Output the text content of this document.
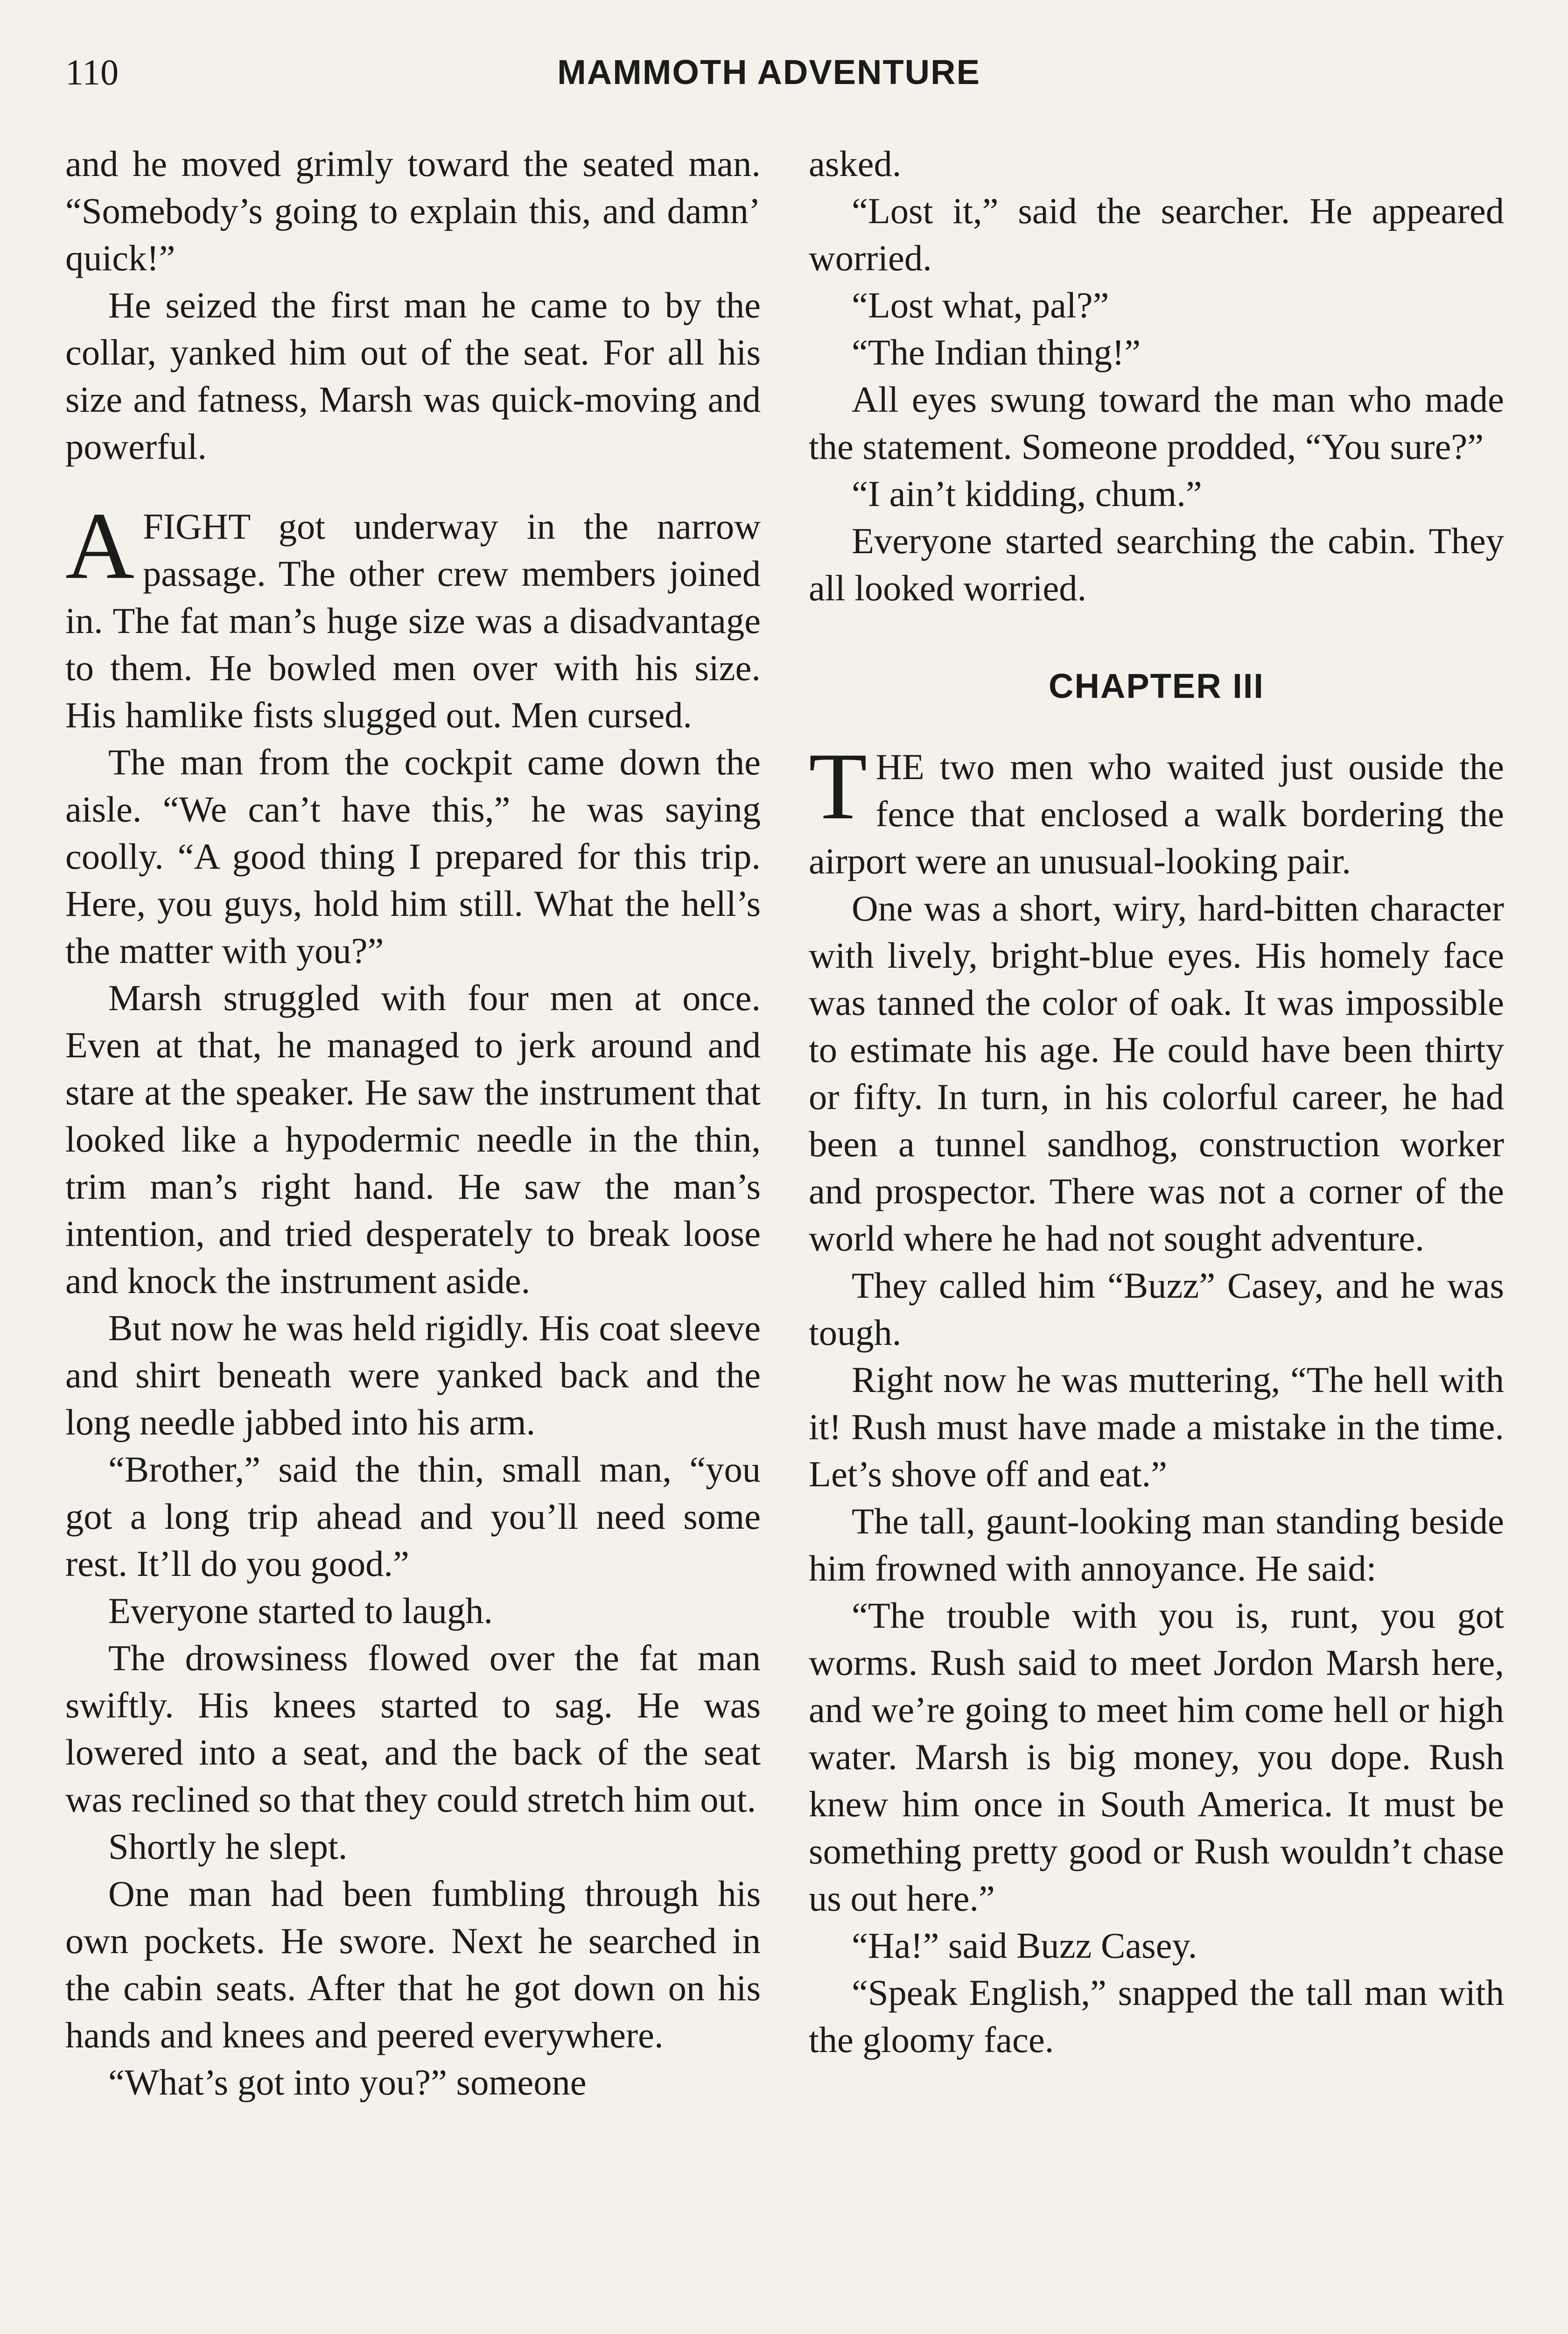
110	MAMMOTH ADVENTURE

and he moved grimly toward the seated man. “Somebody’s going to explain this, and damn’ quick!”

He seized the first man he came to by the collar, yanked him out of the seat. For all his size and fatness, Marsh was quick-moving and powerful.

AFIGHT got underway in the narrow passage. The other crew members joined in. The fat man’s huge size was a disadvantage to them. He bowled men over with his size. His hamlike fists slugged out. Men cursed.

The man from the cockpit came down the aisle. “We can’t have this,” he was saying coolly. “A good thing I prepared for this trip. Here, you guys, hold him still. What the hell’s the matter with you?”

Marsh struggled with four men at once. Even at that, he managed to jerk around and stare at the speaker. He saw the instrument that looked like a hypodermic needle in the thin, trim man’s right hand. He saw the man’s intention, and tried desperately to break loose and knock the instrument aside.

But now he was held rigidly. His coat sleeve and shirt beneath were yanked back and the long needle jabbed into his arm.

“Brother,” said the thin, small man, “you got a long trip ahead and you’ll need some rest. It’ll do you good.”

Everyone started to laugh.

The drowsiness flowed over the fat man swiftly. His knees started to sag. He was lowered into a seat, and the back of the seat was reclined so that they could stretch him out.

Shortly he slept.

One man had been fumbling through his own pockets. He swore. Next he searched in the cabin seats. After that he got down on his hands and knees and peered everywhere.

“What’s got into you?” someone

asked.

“Lost it,” said the searcher. He appeared worried.

“Lost what, pal?”

“The Indian thing!”

All eyes swung toward the man who made the statement. Someone prodded, “You sure?”

“I ain’t kidding, chum.”

Everyone started searching the cabin. They all looked worried.

CHAPTER III

THE two men who waited just ouside the fence that enclosed a walk bordering the airport were an unusual-looking pair.

One was a short, wiry, hard-bitten character with lively, bright-blue eyes. His homely face was tanned the color of oak. It was impossible to estimate his age. He could have been thirty or fifty. In turn, in his colorful career, he had been a tunnel sandhog, construction worker and prospector. There was not a corner of the world where he had not sought adventure.

They called him “Buzz” Casey, and he was tough.

Right now he was muttering, “The hell with it! Rush must have made a mistake in the time. Let’s shove off and eat.”

The tall, gaunt-looking man standing beside him frowned with annoyance. He said:

“The trouble with you is, runt, you got worms. Rush said to meet Jordon Marsh here, and we’re going to meet him come hell or high water. Marsh is big money, you dope. Rush knew him once in South America. It must be something pretty good or Rush wouldn’t chase us out here.”

“Ha!” said Buzz Casey.

“Speak English,” snapped the tall man with the gloomy face.
